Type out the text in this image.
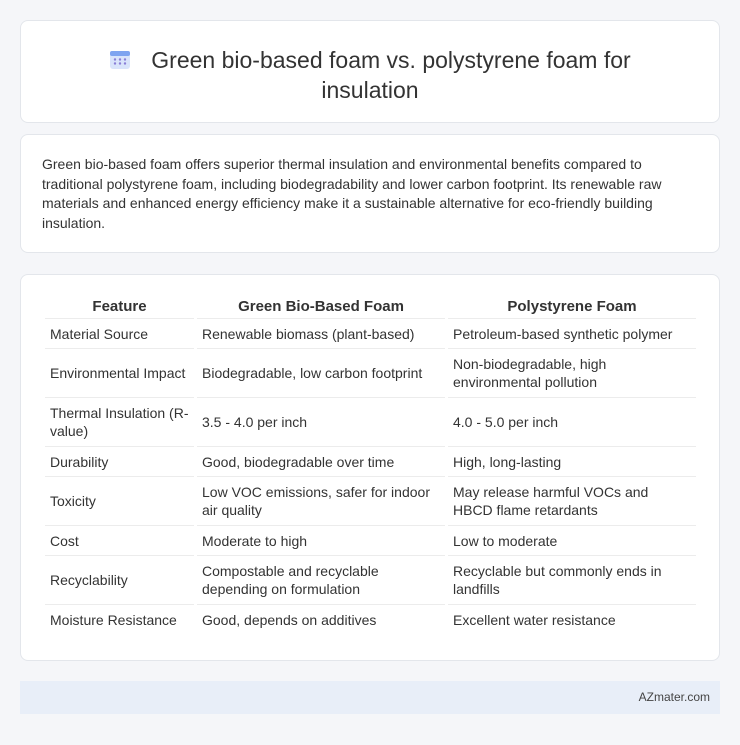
Green bio-based foam vs. polystyrene foam for insulation

Green bio-based foam offers superior thermal insulation and environmental benefits compared to traditional polystyrene foam, including biodegradability and lower carbon footprint. Its renewable raw materials and enhanced energy efficiency make it a sustainable alternative for eco-friendly building insulation.

Feature	Green Bio-Based Foam	Polystyrene Foam
Material Source	Renewable biomass (plant-based)	Petroleum-based synthetic polymer
Environmental Impact	Biodegradable, low carbon footprint	Non-biodegradable, high environmental pollution
Thermal Insulation (R-value)	3.5 - 4.0 per inch	4.0 - 5.0 per inch
Durability	Good, biodegradable over time	High, long-lasting
Toxicity	Low VOC emissions, safer for indoor air quality	May release harmful VOCs and HBCD flame retardants
Cost	Moderate to high	Low to moderate
Recyclability	Compostable and recyclable depending on formulation	Recyclable but commonly ends in landfills
Moisture Resistance	Good, depends on additives	Excellent water resistance
AZmater.com
